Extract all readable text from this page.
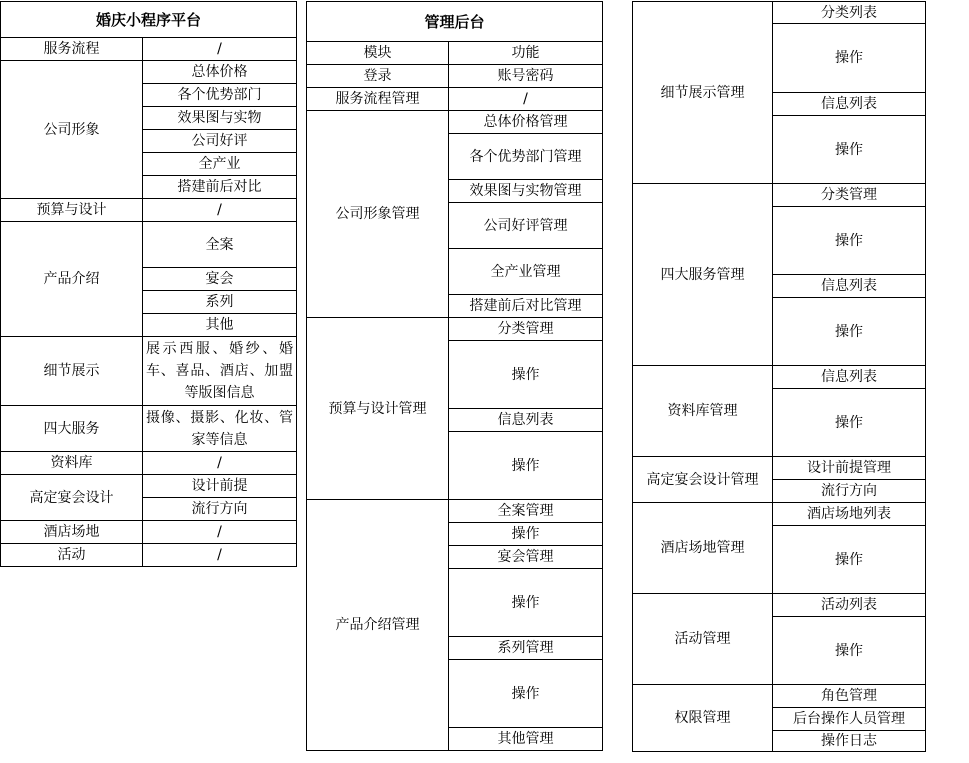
婚庆小程序平台	
服务流程	/
公司形象	总体价格
	各个优势部门
	效果图与实物
	公司好评
	全产业
	搭建前后对比
预算与设计	/
产品介绍	全案
	宴会
	系列
	其他
细节展示	展示西服、婚纱、婚车、喜品、酒店、加盟等版图信息
四大服务	摄像、摄影、化妆、管家等信息
资料库	/
高定宴会设计	设计前提
	流行方向
酒店场地	/
活动	/
管理后台	
模块	功能
登录	账号密码
服务流程管理	/
公司形象管理	总体价格管理
	各个优势部门管理
	效果图与实物管理
	公司好评管理
	全产业管理
	搭建前后对比管理
预算与设计管理	分类管理
	操作
	信息列表
	操作
产品介绍管理	全案管理
	操作
	宴会管理
	操作
	系列管理
	操作
	其他管理
细节展示管理	分类列表
	操作
	信息列表
	操作
四大服务管理	分类管理
	操作
	信息列表
	操作
资料库管理	信息列表
	操作
高定宴会设计管理	设计前提管理
	流行方向
酒店场地管理	酒店场地列表
	操作
活动管理	活动列表
	操作
权限管理	角色管理
	后台操作人员管理
	操作日志
